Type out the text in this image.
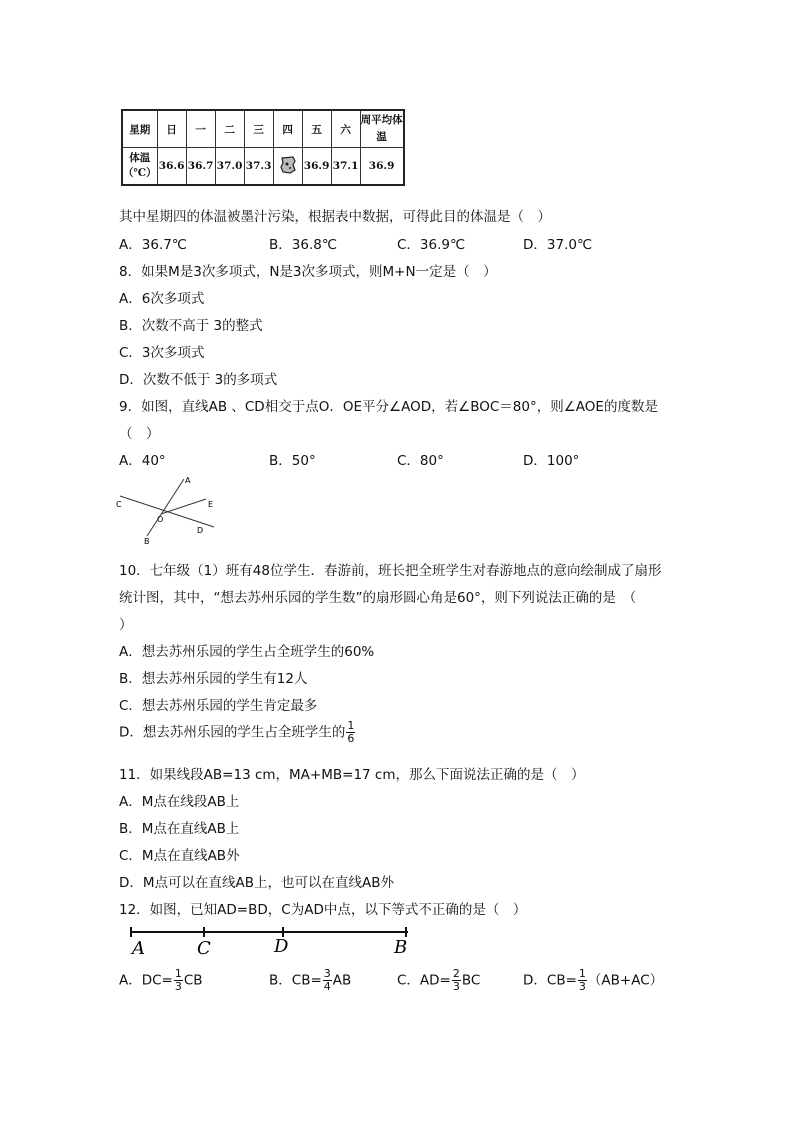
星期	日	一	二	三	四	五	六	周平均体温
体温（℃）	36.6	36.7	37.0	37.3		36.9	37.1	36.9
其中星期四的体温被墨汁污染，根据表中数据，可得此目的体温是（　）
A．36.7℃	B．36.8℃	C．36.9℃	D．37.0℃
8．如果M是3次多项式，N是3次多项式，则M+N一定是（　）
A．6次多项式
B．次数不高于 3的整式
C．3次多项式
D．次数不低于 3的多项式
9．如图，直线AB 、CD相交于点O．OE平分∠AOD，若∠BOC＝80°，则∠AOE的度数是
（　）
A．40°	B．50°	C．80°	D．100°
A
C	E
O
D
B
10．七年级（1）班有48位学生．春游前，班长把全班学生对春游地点的意向绘制成了扇形
统计图，其中，“想去苏州乐园的学生数”的扇形圆心角是60°，则下列说法正确的是　（
）
A．想去苏州乐园的学生占全班学生的60%
B．想去苏州乐园的学生有12人
C．想去苏州乐园的学生肯定最多
D．想去苏州乐园的学生占全班学生的 $\frac{1}{6}$
11．如果线段AB=13 cm，MA+MB=17 cm，那么下面说法正确的是（　）
A．M点在线段AB上
B．M点在直线AB上
C．M点在直线AB外
D．M点可以在直线AB上，也可以在直线AB外
12．如图，已知AD=BD，C为AD中点，以下等式不正确的是（　）
A	C	D	B
A．$DC= \frac{1}{3}$ CB	B．$CB= \frac{3}{4}$ AB	C．$AD= \frac{2}{3}$ BC	D．$CB= \frac{1}{3} (AB+AC)$
